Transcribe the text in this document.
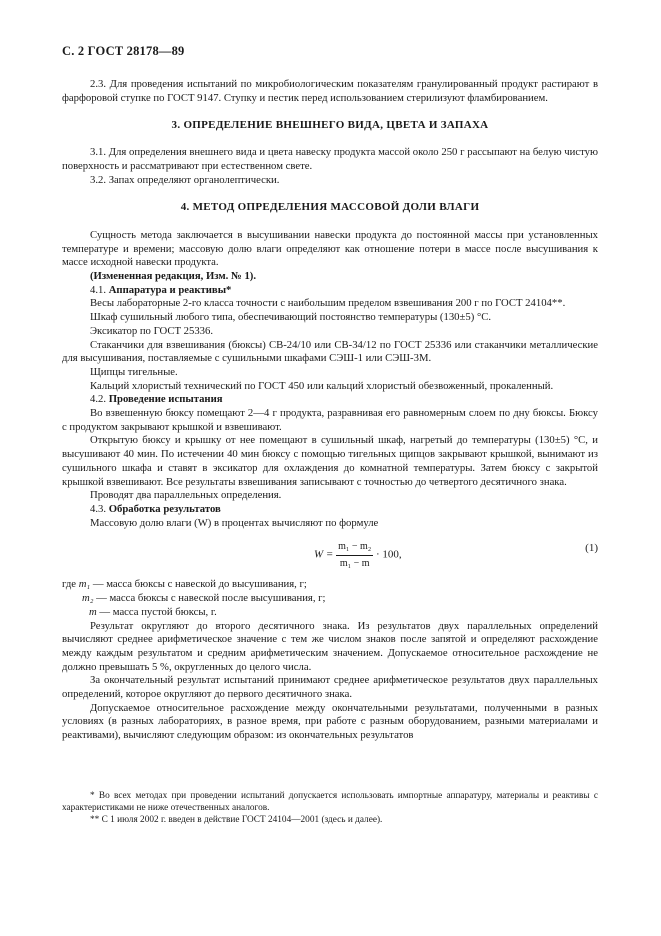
С. 2 ГОСТ 28178—89

2.3. Для проведения испытаний по микробиологическим показателям гранулированный продукт растирают в фарфоровой ступке по ГОСТ 9147. Ступку и пестик перед использованием стерилизуют фламбированием.

3. ОПРЕДЕЛЕНИЕ ВНЕШНЕГО ВИДА, ЦВЕТА И ЗАПАХА

3.1. Для определения внешнего вида и цвета навеску продукта массой около 250 г рассыпают на белую чистую поверхность и рассматривают при естественном свете.

3.2. Запах определяют органолептически.

4. МЕТОД ОПРЕДЕЛЕНИЯ МАССОВОЙ ДОЛИ ВЛАГИ

Сущность метода заключается в высушивании навески продукта до постоянной массы при установленных температуре и времени; массовую долю влаги определяют как отношение потери в массе после высушивания к массе исходной навески продукта.

(Измененная редакция, Изм. № 1).

4.1. Аппаратура и реактивы*

Весы лабораторные 2-го класса точности с наибольшим пределом взвешивания 200 г по ГОСТ 24104**.

Шкаф сушильный любого типа, обеспечивающий постоянство температуры (130±5) °С.

Эксикатор по ГОСТ 25336.

Стаканчики для взвешивания (бюксы) СВ-24/10 или СВ-34/12 по ГОСТ 25336 или стаканчики металлические для высушивания, поставляемые с сушильными шкафами СЭШ-1 или СЭШ-3М.

Щипцы тигельные.

Кальций хлористый технический по ГОСТ 450 или кальций хлористый обезвоженный, прокаленный.

4.2. Проведение испытания

Во взвешенную бюксу помещают 2—4 г продукта, разравнивая его равномерным слоем по дну бюксы. Бюксу с продуктом закрывают крышкой и взвешивают.

Открытую бюксу и крышку от нее помещают в сушильный шкаф, нагретый до температуры (130±5) °С, и высушивают 40 мин. По истечении 40 мин бюксу с помощью тигельных щипцов закрывают крышкой, вынимают из сушильного шкафа и ставят в эксикатор для охлаждения до комнатной температуры. Затем бюксу с закрытой крышкой взвешивают. Все результаты взвешивания записывают с точностью до четвертого десятичного знака.

Проводят два параллельных определения.

4.3. Обработка результатов

Массовую долю влаги (W) в процентах вычисляют по формуле

$W = \frac{\text{m₁ − m₂}}{\text{m₁ − m}} \cdot 100$,
(1)
где
m₁
— масса бюксы с навеской до высушивания, г;
m₂
— масса бюксы с навеской после высушивания, г;
m
— масса пустой бюксы, г.

Результат округляют до второго десятичного знака. Из результатов двух параллельных определений вычисляют среднее арифметическое значение с тем же числом знаков после запятой и определяют расхождение между каждым результатом и средним арифметическим значением. Допускаемое относительное расхождение не должно превышать 5 %, округленных до целого числа.

За окончательный результат испытаний принимают среднее арифметическое результатов двух параллельных определений, которое округляют до первого десятичного знака.

Допускаемое относительное расхождение между окончательными результатами, полученными в разных условиях (в разных лабораториях, в разное время, при работе с разным оборудованием, разными материалами и реактивами), вычисляют следующим образом: из окончательных результатов

* Во всех методах при проведении испытаний допускается использовать импортные аппаратуру, материалы и реактивы с характеристиками не ниже отечественных аналогов.

** С 1 июля 2002 г. введен в действие ГОСТ 24104—2001 (здесь и далее).
